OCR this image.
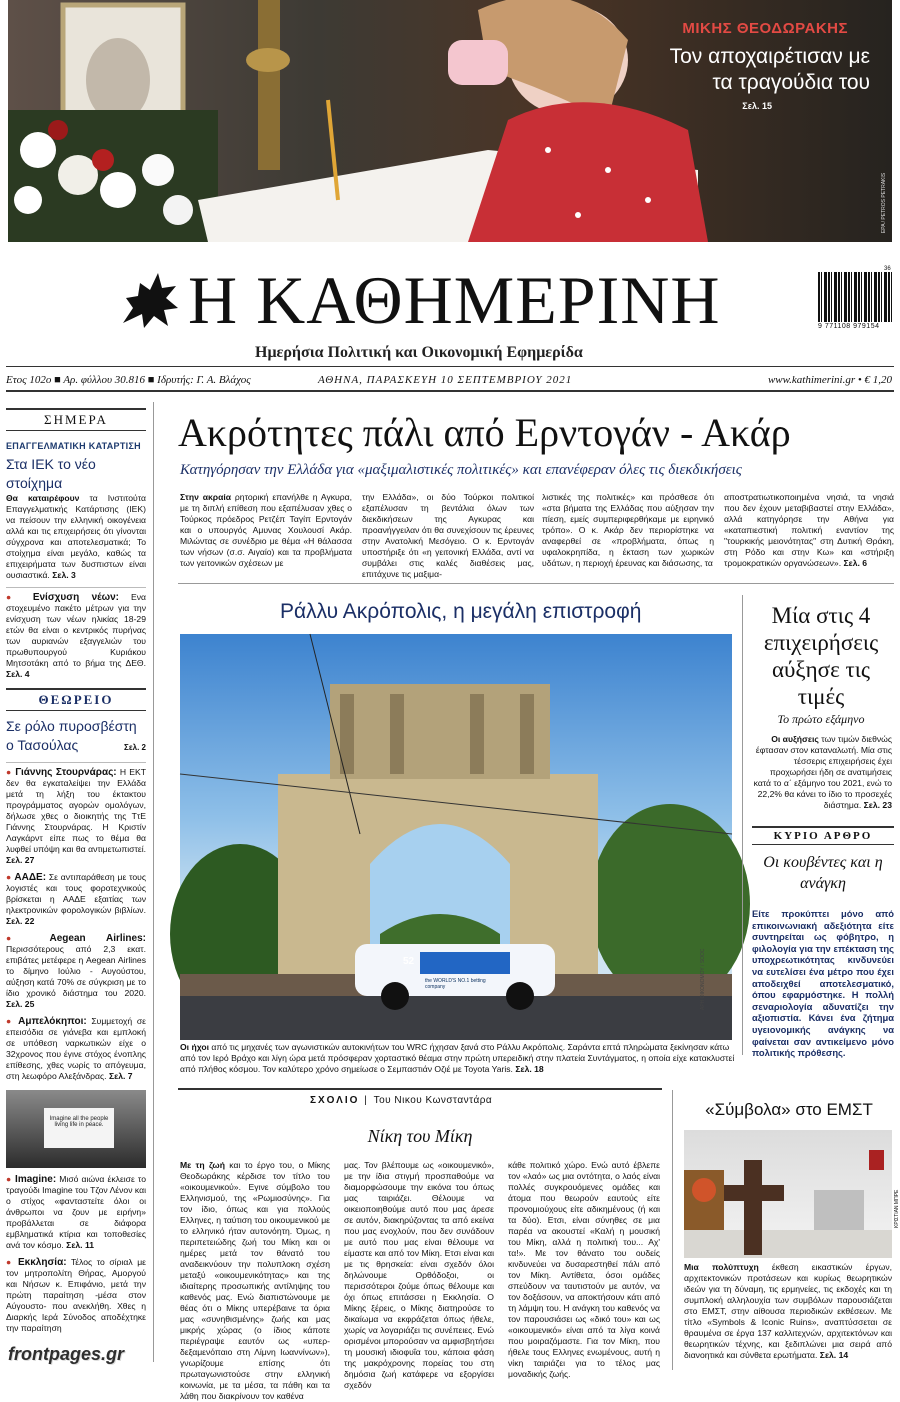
ΜΙΚΗΣ ΘΕΟΔΩΡΑΚΗΣ
Τον αποχαιρέτισαν με τα τραγούδια του
Σελ. 15
EPA / PETROS PETRAKIS
Η ΚΑΘΗΜΕΡΙΝΗ
Ημερήσια Πολιτική και Οικονομική Εφημερίδα
36
9 771108 979154
Ετος 102ο ■ Αρ. φύλλου 30.816 ■ Ιδρυτής: Γ. Α. Βλάχος	ΑΘΗΝΑ, ΠΑΡΑΣΚΕΥΗ 10 ΣΕΠΤΕΜΒΡΙΟΥ 2021	www.kathimerini.gr • € 1,20
ΣΗΜΕΡΑ
ΕΠΑΓΓΕΛΜΑΤΙΚΗ ΚΑΤΑΡΤΙΣΗ
Στα ΙΕΚ το νέο στοίχημα
Θα καταιρέφουν τα Ινστιτούτα Επαγγελματικής Κατάρτισης (ΙΕΚ) να πείσουν την ελληνική οικογένεια αλλά και τις επιχειρήσεις ότι γίνονται σύγχρονα και αποτελεσματικά; Το στοίχημα είναι μεγάλο, καθώς τα επιχειρήματα των δυσπιστων είναι ουσιαστικά. Σελ. 3
● Ενίσχυση νέων: Ενα στοχευμένο πακέτο μέτρων για την ενίσχυση των νέων ηλικίας 18-29 ετών θα είναι ο κεντρικός πυρήνας των αυριανών εξαγγελιών του πρωθυπουργού Κυριάκου Μητσοτάκη από το βήμα της ΔΕΘ. Σελ. 4
ΘΕΩΡΕΙΟ
Σε ρόλο πυροσβέστη ο Τασούλας	Σελ. 2
● Γιάννης Στουρνάρας: Η ΕΚΤ δεν θα εγκαταλείψει την Ελλάδα μετά τη λήξη του έκτακτου προγράμματος αγορών ομολόγων, δήλωσε χθες ο διοικητής της ΤτΕ Γιάννης Στουρνάρας. Η Κριστίν Λαγκάρντ είπε πως το θέμα θα λυφθεί υπόψη και θα αντιμετωπιστεί. Σελ. 27
● ΑΑΔΕ: Σε αντιπαράθεση με τους λογιστές και τους φοροτεχνικούς βρίσκεται η ΑΑΔΕ εξαιτίας των ηλεκτρονικών φορολογικών βιβλίων. Σελ. 22
● Aegean Airlines: Περισσότερους από 2,3 εκατ. επιβάτες μετέφερε η Aegean Airlines το δίμηνο Ιούλιο - Αυγούστου, αύξηση κατά 70% σε σύγκριση με το ίδιο χρονικό διάστημα του 2020. Σελ. 25
● Αμπελόκηποι: Συμμετοχή σε επεισόδια σε γιάνεβα και εμπλοκή σε υπόθεση ναρκωτικών είχε ο 32χρονος που έγινε στόχος ένοπλης επίθεσης, χθες νωρίς το απόγευμα, στη λεωφόρο Αλεξάνδρας. Σελ. 7
Imagine all the people living life in peace.
● Imagine: Μισό αιώνα έκλεισε το τραγούδι Imagine του Τζον Λένον και ο στίχος «φανταστείτε όλοι οι άνθρωποι να ζουν με ειρήνη» προβάλλεται σε διάφορα εμβληματικά κτίρια και τοποθεσίες ανά τον κόσμο. Σελ. 11
● Εκκλησία: Τέλος το σίριαλ με τον μητροπολίτη Θήρας, Αμοργού και Νήσων κ. Επιφάνιο, μετά την πρώτη παραίτηση -μέσα στον Αύγουστο- που ανεκλήθη. Χθες η Διαρκής Ιερά Σύνοδος αποδέχτηκε την παραίτηση
frontpages.gr
Ακρότητες πάλι από Ερντογάν - Ακάρ
Κατηγόρησαν την Ελλάδα για «μαξιμαλιστικές πολιτικές» και επανέφεραν όλες τις διεκδικήσεις
Στην ακραία ρητορική επανήλθε η Αγκυρα, με τη διπλή επίθεση που εξαπέλυσαν χθες ο Τούρκος πρόεδρος Ρετζέπ Ταγίπ Ερντογάν και ο υπουργός Αμυνας Χουλουσί Ακάρ. Μιλώντας σε συνέδριο με θέμα «Η θάλασσα των νήσων (σ.σ. Αιγαίο) και τα προβλήματα των γειτονικών σχέσεων με
την Ελλάδα», οι δύο Τούρκοι πολιτικοί εξαπέλυσαν τη βεντάλια όλων των διεκδικήσεων της Αγκυρας και προανήγγειλαν ότι θα συνεχίσουν τις έρευνες στην Ανατολική Μεσόγειο. Ο κ. Ερντογάν υποστήριξε ότι «η γειτονική Ελλάδα, αντί να συμβάλει στις καλές διαθέσεις μας, επιτάχυνε τις μαξιμα-
λιστικές της πολιτικές» και πρόσθεσε ότι «στα βήματα της Ελλάδας που αύξησαν την πίεση, εμείς συμπεριφερθήκαμε με ειρηνικό τρόπο». Ο κ. Ακάρ δεν περιορίστηκε να αναφερθεί σε «προβλήματα, όπως η υφαλοκρηπίδα, η έκταση των χωρικών υδάτων, η περιοχή έρευνας και διάσωσης, τα
αποστρατιωτικοποιημένα νησιά, τα νησιά που δεν έχουν μεταβιβαστεί στην Ελλάδα», αλλά κατηγόρησε την Αθήνα για «καταπιεστική πολιτική εναντίον της "τουρκικής μειονότητας" στη Δυτική Θράκη, στη Ρόδο και στην Κω» και «στήριξη τρομοκρατικών οργανώσεων». Σελ. 6
Ράλλυ Ακρόπολις, η μεγάλη επιστροφή
52
the WORLD'S NO.1 betting company	ΑΡΗ ΟΙΚΟΝΟΜΟΥ / SOOC
Οι ήχοι από τις μηχανές των αγωνιστικών αυτοκινήτων του WRC ήχησαν ξανά στο Ράλλυ Ακρόπολις. Σαράντα επτά πληρώματα ξεκίνησαν κάτω από τον Ιερό Βράχο και λίγη ώρα μετά πρόσφεραν χορταστικό θέαμα στην πρώτη υπερειδική στην πλατεία Συντάγματος, η οποία είχε κατακλυστεί από πλήθος κόσμου. Τον καλύτερο χρόνο σημείωσε ο Σεμπαστιάν Οζιέ με Toyota Yaris. Σελ. 18
Μία στις 4 επιχειρήσεις αύξησε τις τιμές
Το πρώτο εξάμηνο
Οι αυξήσεις των τιμών διεθνώς έφτασαν στον καταναλωτή. Μία στις τέσσερις επιχειρήσεις έχει προχωρήσει ήδη σε ανατιμήσεις κατά το α΄ εξάμηνο του 2021, ενώ το 22,2% θα κάνει το ίδιο το προσεχές διάστημα. Σελ. 23
ΚΥΡΙΟ ΑΡΘΡΟ
Οι κουβέντες και η ανάγκη
Είτε προκύπτει μόνο από επικοινωνιακή αδεξιότητα είτε συντηρείται ως φόβητρο, η φιλολογία για την επέκταση της υποχρεωτικότητας κινδυνεύει να ευτελίσει ένα μέτρο που έχει αποδειχθεί αποτελεσματικό, όπου εφαρμόστηκε. Η πολλή σεναριολογία αδυνατίζει την αξιοπιστία. Κάνει ένα ζήτημα υγειονομικής ανάγκης να φαίνεται σαν αντικείμενο μόνο πολιτικής πρόθεσης.
ΣΧΟΛΙΟ | Του Νικου Κωνσταντάρα
Νίκη του Μίκη
Με τη ζωή και το έργο του, ο Μίκης Θεοδωράκης κέρδισε τον τίτλο του «οικουμενικού». Εγινε σύμβολο του Ελληνισμού, της «Ρωμιοσύνης». Για τον ίδιο, όπως και για πολλούς Ελληνες, η ταύτιση του οικουμενικού με το ελληνικό ήταν αυτονόητη. Όμως, η περιπετειώδης ζωή του Μίκη και οι ημέρες μετά τον θάνατό του αναδεικνύουν την πολυπλοκη σχέση μεταξύ «οικουμενικότητας» και της ιδιαίτερης προσωπικής αντίληψης του καθενός μας. Ενώ διαπιστώνουμε με θέας ότι ο Μίκης υπερέβαινε τα όρια μας «συνηθισμένης» ζωής και μας μικρής χώρας (ο ίδιος κάποτε περιέγραψε εαυτόν ως «υπερ-δεξαμενόπαιο στη Λίμνη Ιωαννίνων»), γνωρίζουμε επίσης ότι πρωταγωνιστούσε στην ελληνική κοινωνία, με τα μέσα, τα πάθη και τα λάθη που διακρίνουν τον καθένα
μας. Τον βλέπουμε ως «οικουμενικό», με την ίδια στιγμή προσπαθούμε να διαμορφώσουμε την εικόνα του όπως μας ταιριάζει. Θέλουμε να οικειοποιηθούμε αυτό που μας άρεσε σε αυτόν, διακηρύζοντας τα από εκείνα που μας ενοχλούν, που δεν συνάδουν με αυτό που μας είναι θέλουμε να είμαστε και από τον Μίκη. Ετσι είναι και με τις θρησκεία: είναι σχεδόν όλοι δηλώνουμε Ορθόδοξοι, οι περισσότεροι ζούμε όπως θέλουμε και όχι όπως επιτάσσει η Εκκλησία. Ο Μίκης ξέρεις, ο Μίκης διατηρούσε το δικαίωμα να εκφράζεται όπως ήθελε, χωρίς να λογαριάζει τις συνέπειες. Ενώ ορισμένοι μπορούσαν να αμφισβητήσει τη μουσική ιδιοφυΐα του, κάποια φάση της μακρόχρονης πορείας του στη δημόσια ζωή κατάφερε να εξοργίσει σχεδόν
κάθε πολιτικό χώρο. Ενώ αυτό έβλεπε τον «λαό» ως μια οντότητα, ο λαός είναι πολλές συγκρουόμενες ομάδες και άτομα που θεωρούν εαυτούς είτε προνομιούχους είτε αδικημένους (ή και τα δύο). Ετσι, είναι σύνηθες σε μια παρέα να ακουστεί «Καλή η μουσική του Μίκη, αλλά η πολιτική του... Αχ' τα!». Με τον θάνατο του ουδείς κινδυνεύει να δυσαρεστηθεί πάλι από τον Μίκη. Αντίθετα, όσοι ομάδες σπεύδουν να ταυτιστούν με αυτόν, να τον δοξάσουν, να αποκτήσουν κάτι από τη λάμψη του. Η ανάγκη του καθενός να τον παρουσιάσει ως «δικό του» και ως «οικουμενικό» είναι από τα λίγα κοινά που μοιραζόμαστε. Για τον Μίκη, που ήθελε τους Ελληνες ενωμένους, αυτή η νίκη ταιριάζει για το τέλος μας μοναδικής ζωής.
«Σύμβολα» στο ΕΜΣΤ
ΚΡΙΣΤΙΑΝ ΜΠΡΕ
Μια πολύπτυχη έκθεση εικαστικών έργων, αρχιτεκτονικών προτάσεων και κυρίως θεωρητικών ιδεών για τη δύναμη, τις ερμηνείες, τις εκδοχές και τη συμπλοκή αλληλουχία των συμβόλων παρουσιάζεται στο ΕΜΣΤ, στην αίθουσα περιοδικών εκθέσεων. Με τίτλο «Symbols & Iconic Ruins», αναπτύσσεται σε θραυμένα σε έργα 137 καλλιτεχνών, αρχιτεκτόνων και θεωρητικών τέχνης, και ξεδιπλώνει μια σειρά από διανοητικά και σύνθετα ερωτήματα. Σελ. 14
